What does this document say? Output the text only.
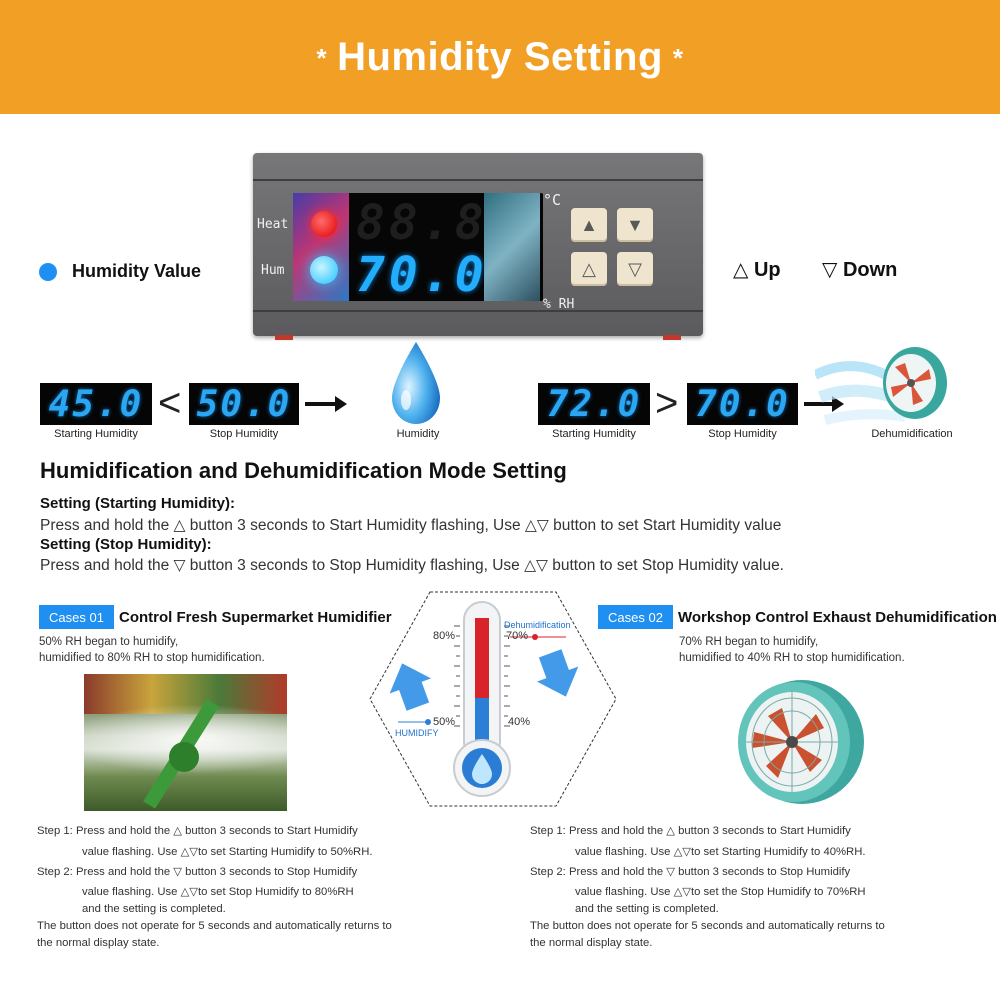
* Humidity Setting *
Heat
Hum
88.8
70.0
°C
% RH
▲	▼
△	▽
Humidity Value	△ Up ▽ Down
45.0
Starting Humidity
< 50.0
Stop Humidity	Humidity
72.0
Starting Humidity
> 70.0
Stop Humidity	Dehumidification
Humidification and Dehumidification Mode Setting
Setting (Starting Humidity):
Press and hold the △ button 3 seconds to Start Humidity flashing, Use △▽ button to set Start Humidity value
Setting (Stop Humidity):
Press and hold the ▽ button 3 seconds to Stop Humidity flashing, Use △▽ button to set Stop Humidity value.
Cases 01	Control Fresh Supermarket Humidifier
50% RH began to humidify,
humidified to 80% RH to stop humidification.
Step 1: Press and hold the △ button 3 seconds to Start Humidify
value flashing. Use △▽to set Starting Humidify to 50%RH.
Step 2: Press and hold the ▽ button 3 seconds to Stop Humidify
value flashing. Use △▽to set Stop Humidify to 80%RH
and the setting is completed.
The button does not operate for 5 seconds and automatically returns to
the normal display state.
80%	70%
Dehumidification
50%	40%
HUMIDIFY
Cases 02	Workshop Control Exhaust Dehumidification
70% RH began to humidify,
humidified to 40% RH to stop humidification.
Step 1: Press and hold the △ button 3 seconds to Start Humidify
value flashing. Use △▽to set Starting Humidify to 40%RH.
Step 2: Press and hold the ▽ button 3 seconds to Stop Humidify
value flashing. Use △▽to set the Stop Humidify to 70%RH
and the setting is completed.
The button does not operate for 5 seconds and automatically returns to
the normal display state.
